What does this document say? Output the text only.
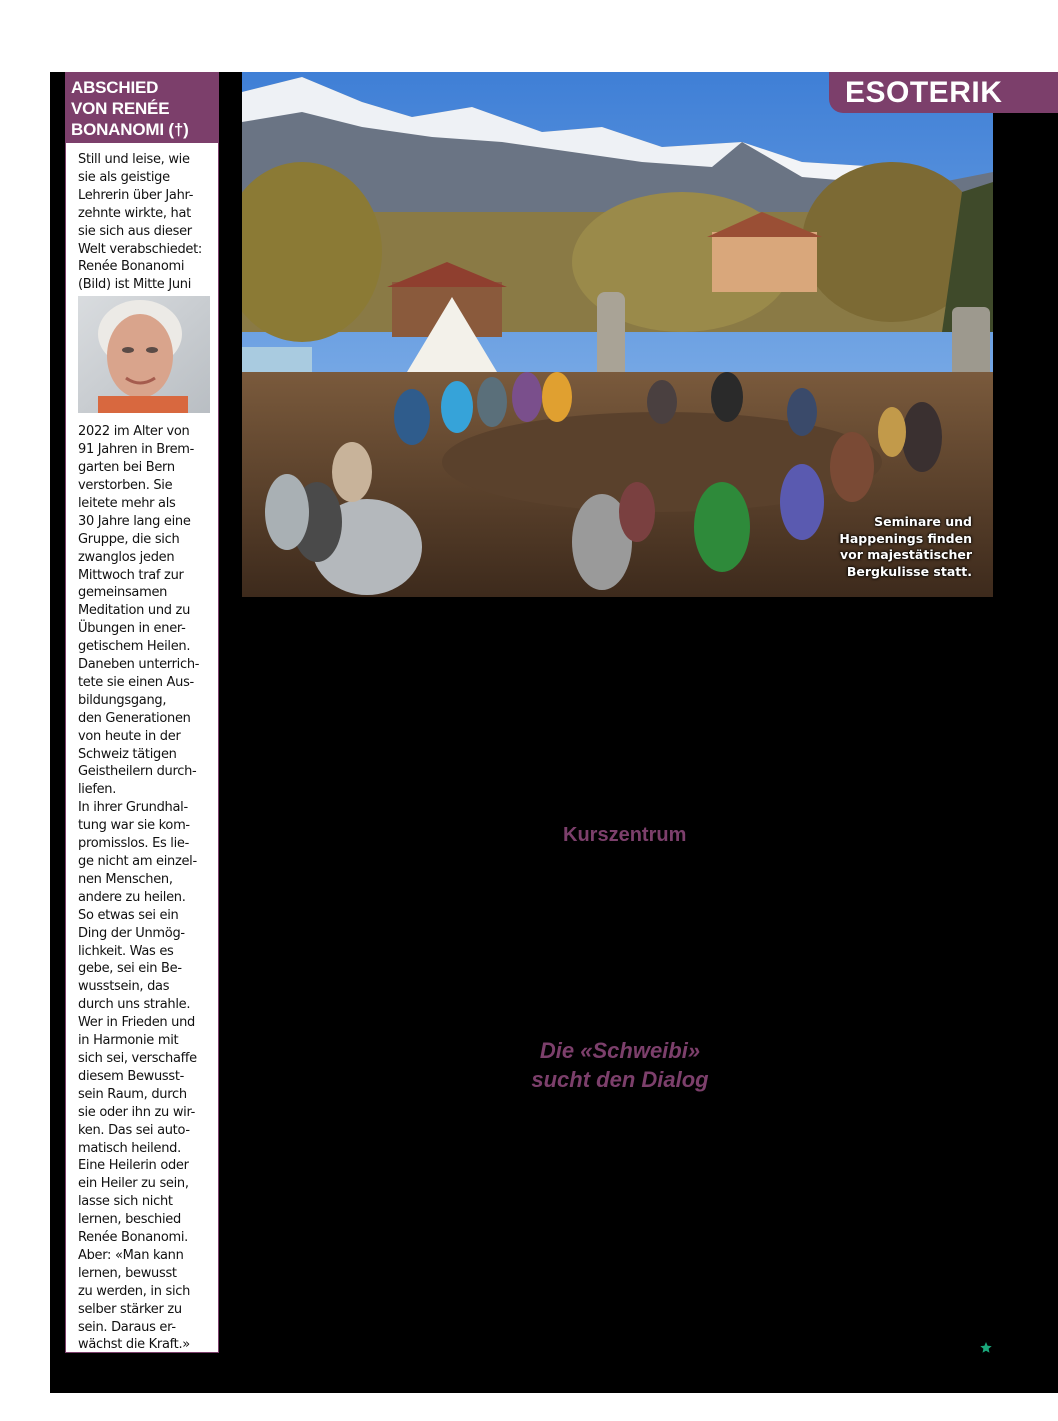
ABSCHIED
VON RENÉE
BONANOMI (†)
Still und leise, wie
sie als geistige
Lehrerin über Jahr-
zehnte wirkte, hat
sie sich aus dieser
Welt verabschiedet:
Renée Bonanomi
(Bild) ist Mitte Juni
2022 im Alter von
91 Jahren in Brem-
garten bei Bern
verstorben. Sie
leitete mehr als
30 Jahre lang eine
Gruppe, die sich
zwanglos jeden
Mittwoch traf zur
gemeinsamen
Meditation und zu
Übungen in ener-
getischem Heilen.
Daneben unterrich-
tete sie einen Aus-
bildungsgang,
den Generationen
von heute in der
Schweiz tätigen
Geistheilern durch-
liefen.
In ihrer Grundhal-
tung war sie kom-
promisslos. Es lie-
ge nicht am einzel-
nen Menschen,
andere zu heilen.
So etwas sei ein
Ding der Unmög-
lichkeit. Was es
gebe, sei ein Be-
wusstsein, das
durch uns strahle.
Wer in Frieden und
in Harmonie mit
sich sei, verschaffe
diesem Bewusst-
sein Raum, durch
sie oder ihn zu wir-
ken. Das sei auto-
matisch heilend.
Eine Heilerin oder
ein Heiler zu sein,
lasse sich nicht
lernen, beschied
Renée Bonanomi.
Aber: «Man kann
lernen, bewusst
zu werden, in sich
selber stärker zu
sein. Daraus er-
wächst die Kraft.»
Seminare und
Happenings finden
vor majestätischer
Bergkulisse statt.
ESOTERIK
Kurszentrum
Die «Schweibi»
sucht den Dialog
